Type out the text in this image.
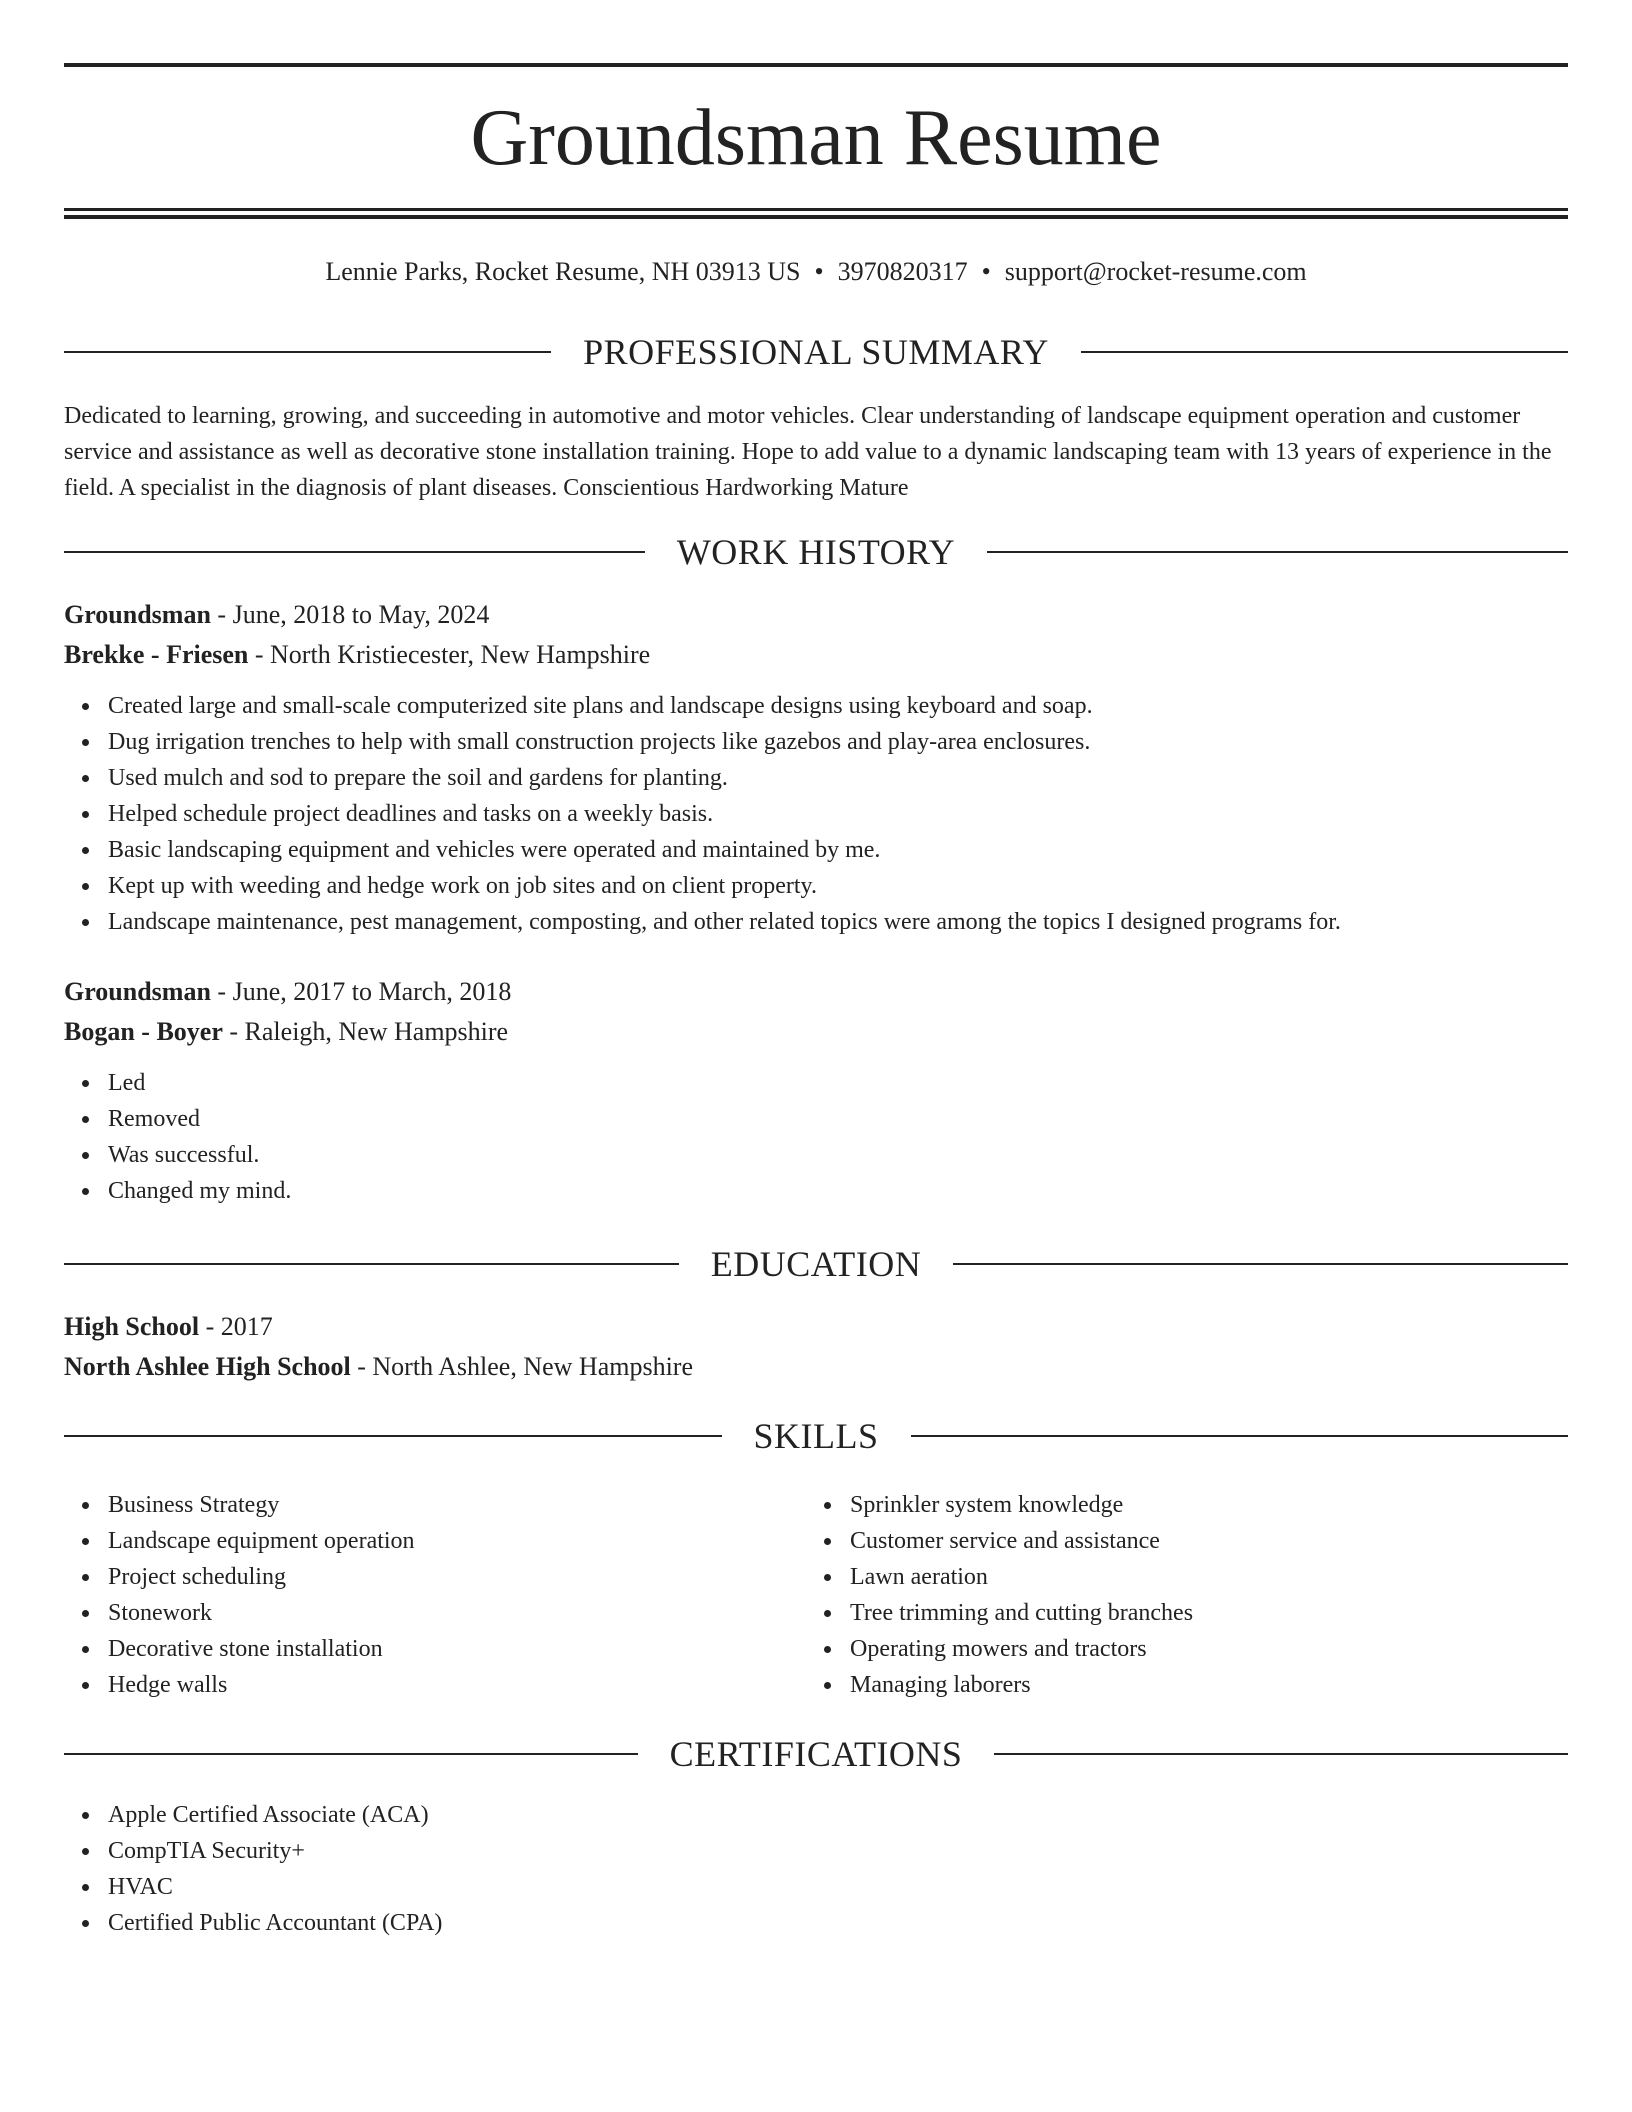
Groundsman Resume
Lennie Parks, Rocket Resume, NH 03913 US • 3970820317 • support@rocket-resume.com
PROFESSIONAL SUMMARY

Dedicated to learning, growing, and succeeding in automotive and motor vehicles. Clear understanding of landscape equipment operation and customer service and assistance as well as decorative stone installation training. Hope to add value to a dynamic landscaping team with 13 years of experience in the field. A specialist in the diagnosis of plant diseases. Conscientious Hardworking Mature

WORK HISTORY

Groundsman - June, 2018 to May, 2024

Brekke - Friesen - North Kristiecester, New Hampshire

Created large and small-scale computerized site plans and landscape designs using keyboard and soap.
Dug irrigation trenches to help with small construction projects like gazebos and play-area enclosures.
Used mulch and sod to prepare the soil and gardens for planting.
Helped schedule project deadlines and tasks on a weekly basis.
Basic landscaping equipment and vehicles were operated and maintained by me.
Kept up with weeding and hedge work on job sites and on client property.
Landscape maintenance, pest management, composting, and other related topics were among the topics I designed programs for.

Groundsman - June, 2017 to March, 2018

Bogan - Boyer - Raleigh, New Hampshire

Led
Removed
Was successful.
Changed my mind.
EDUCATION

High School - 2017

North Ashlee High School - North Ashlee, New Hampshire

SKILLS
Business Strategy
Landscape equipment operation
Project scheduling
Stonework
Decorative stone installation
Hedge walls
Sprinkler system knowledge
Customer service and assistance
Lawn aeration
Tree trimming and cutting branches
Operating mowers and tractors
Managing laborers
CERTIFICATIONS
Apple Certified Associate (ACA)
CompTIA Security+
HVAC
Certified Public Accountant (CPA)
